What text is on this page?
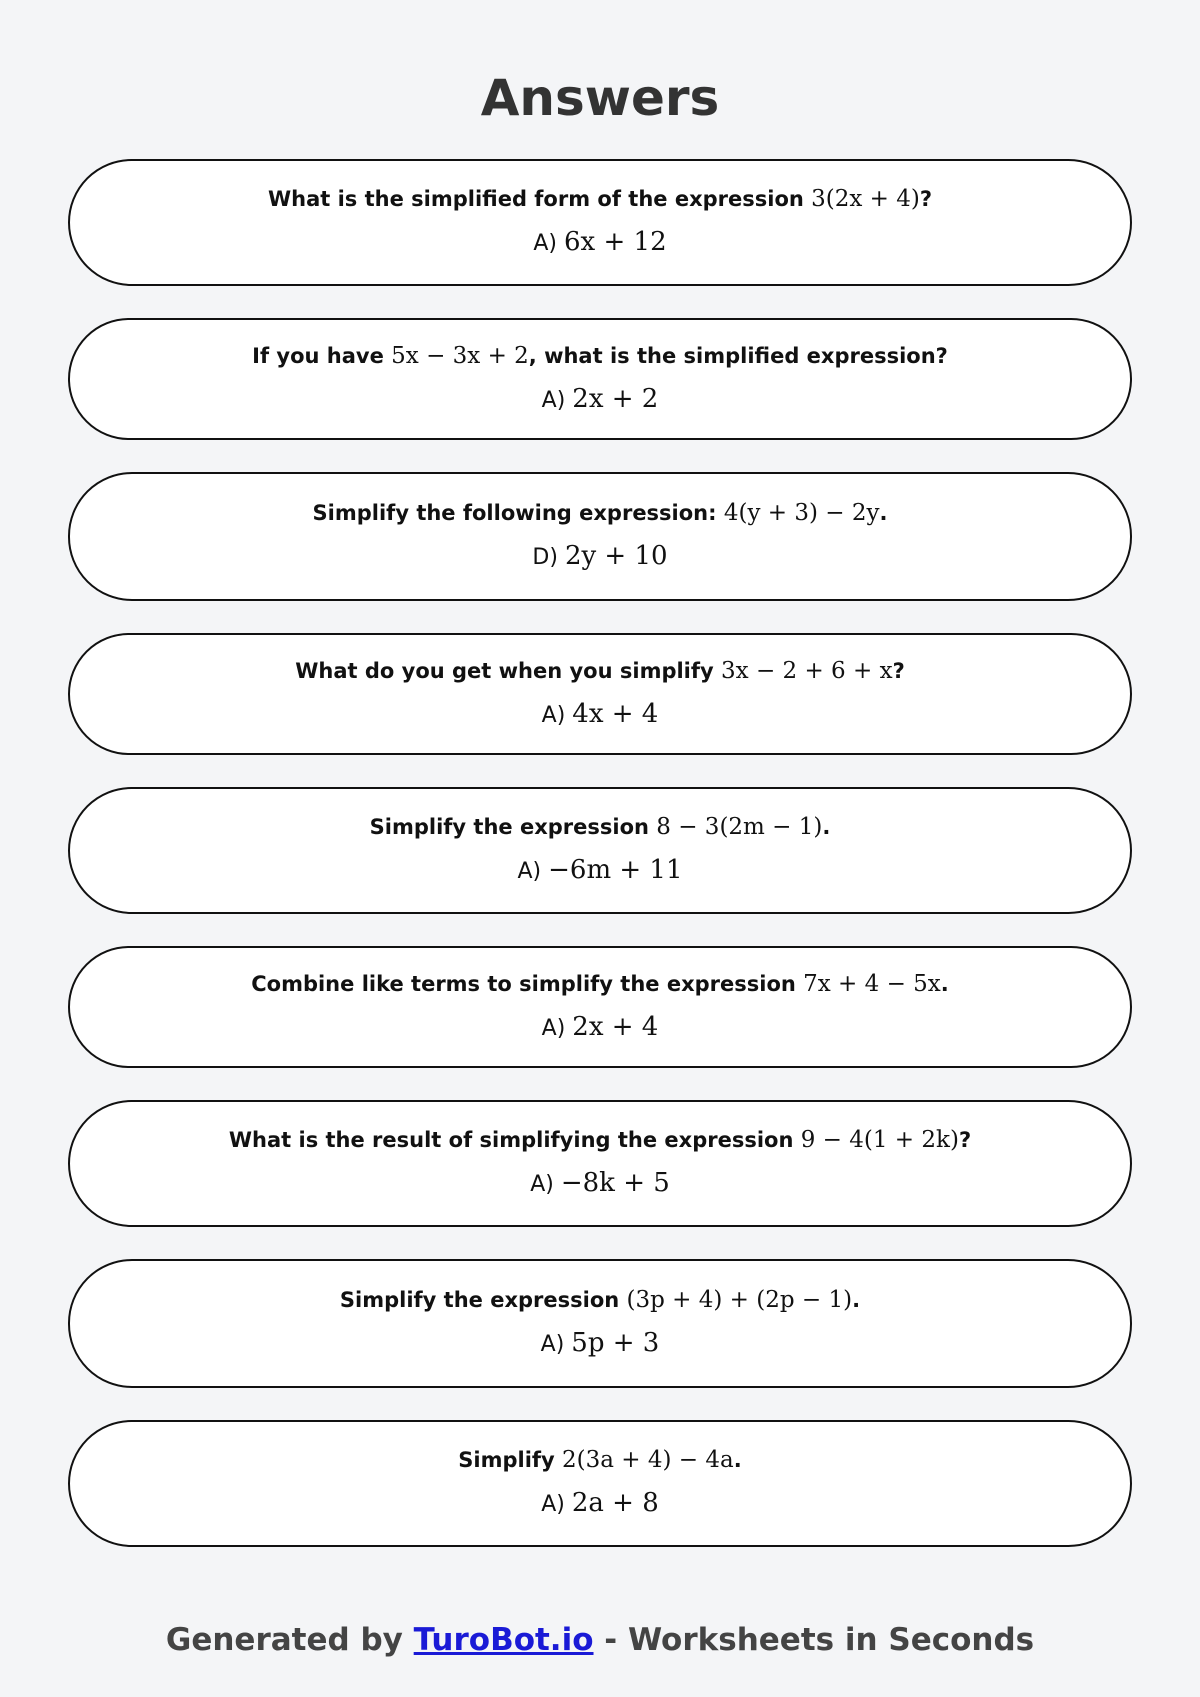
Answers
What is the simplified form of the expression 3(2x + 4)?
A) 6x + 12
If you have 5x − 3x + 2, what is the simplified expression?
A) 2x + 2
Simplify the following expression: 4(y + 3) − 2y.
D) 2y + 10
What do you get when you simplify 3x − 2 + 6 + x?
A) 4x + 4
Simplify the expression 8 − 3(2m − 1).
A) −6m + 11
Combine like terms to simplify the expression 7x + 4 − 5x.
A) 2x + 4
What is the result of simplifying the expression 9 − 4(1 + 2k)?
A) −8k + 5
Simplify the expression (3p + 4) + (2p − 1).
A) 5p + 3
Simplify 2(3a + 4) − 4a.
A) 2a + 8
Generated by TuroBot.io - Worksheets in Seconds
